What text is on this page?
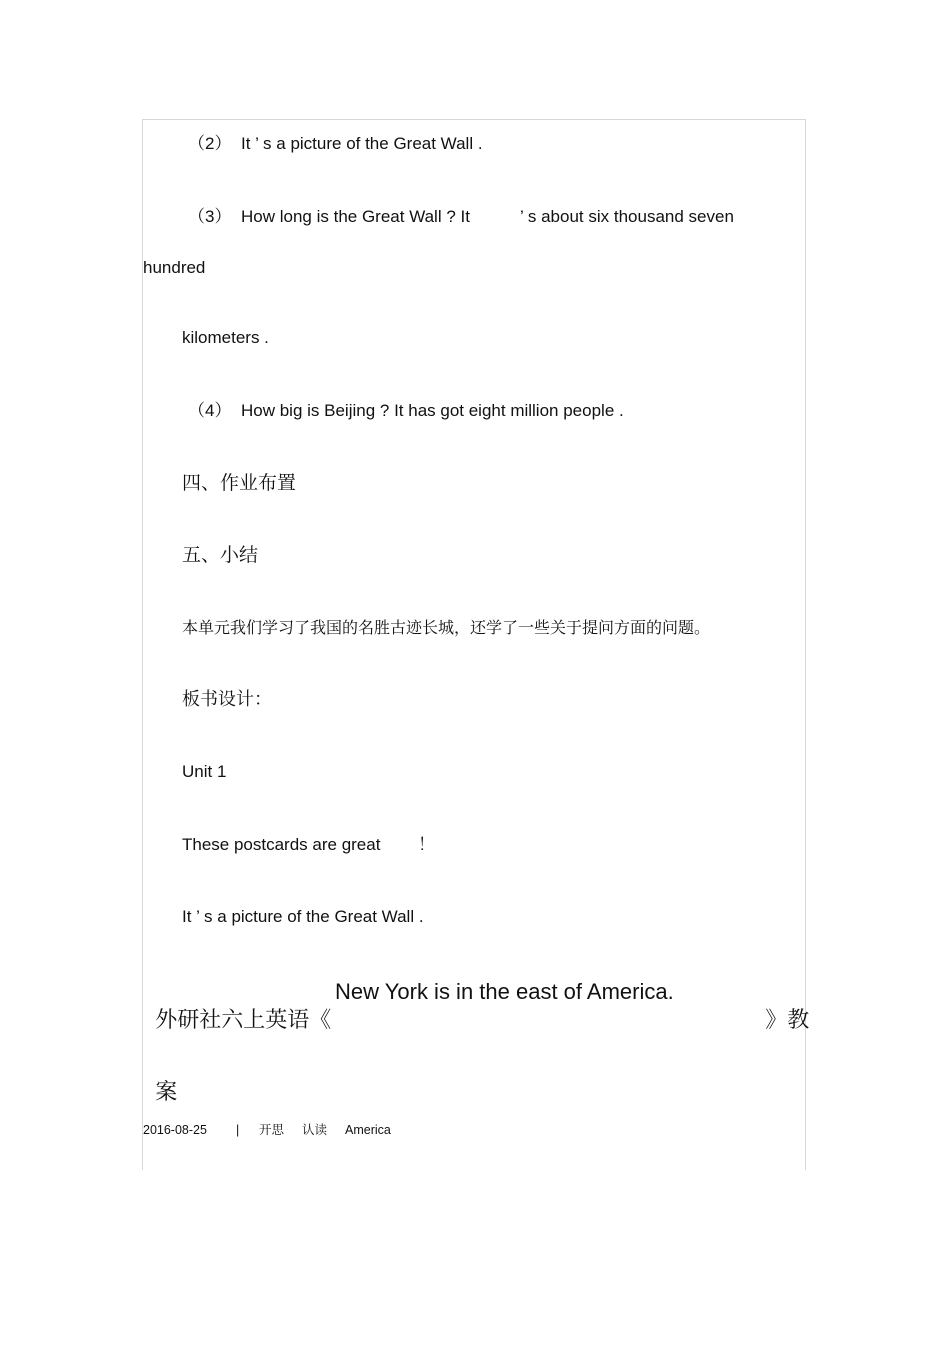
（2） It ’ s a picture of the Great Wall .
（3） How long is the Great Wall ? It	’ s about six thousand seven
hundred
kilometers .
（4） How big is Beijing ? It has got eight million people .
四、作业布置
五、小结
本单元我们学习了我国的名胜古迹长城，还学了一些关于提问方面的问题。
板书设计：
Unit 1
These postcards are great ！
It ’ s a picture of the Great Wall .

外研社六上英语《

New York is in the east of America.

》教

案

2016-08-25 | 开思 认读 America
